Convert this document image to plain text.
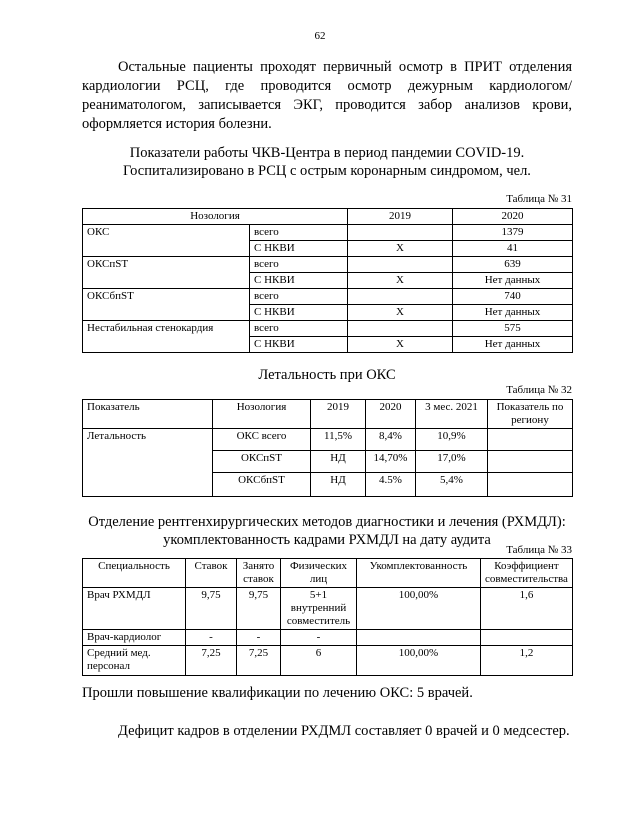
62
Остальные пациенты проходят первичный осмотр в ПРИТ отделения кардиологии РСЦ, где проводится осмотр дежурным кардиологом/реаниматологом, записывается ЭКГ, проводится забор анализов крови, оформляется история болезни.
Показатели работы ЧКВ-Центра в период пандемии COVID-19.
Госпитализировано в РСЦ с острым коронарным синдромом, чел.
Таблица № 31
Нозология		2019	2020
ОКС	всего		1379
	С НКВИ	Х	41
ОКСпST	всего		639
	С НКВИ	Х	Нет данных
ОКСбпST	всего		740
	С НКВИ	Х	Нет данных
Нестабильная стенокардия	всего		575
	С НКВИ	Х	Нет данных
Летальность при ОКС
Таблица № 32
Показатель	Нозология	2019	2020	3 мес. 2021	Показатель по региону
Летальность	ОКС всего	11,5%	8,4%	10,9%	
	ОКСпST	НД	14,70%	17,0%	
	ОКСбпST	НД	4.5%	5,4%	
Отделение рентгенхирургических методов диагностики и лечения (РХМДЛ):
укомплектованность кадрами РХМДЛ на дату аудита
Таблица № 33
Специальность	Ставок	Занято ставок	Физических лиц	Укомплектованность	Коэффициент совместительства
Врач РХМДЛ	9,75	9,75	5+1 внутренний совместитель	100,00%	1,6
Врач-кардиолог	-	-	-		
Средний мед. персонал	7,25	7,25	6	100,00%	1,2
Прошли повышение квалификации по лечению ОКС: 5 врачей.
Дефицит кадров в отделении РХДМЛ составляет 0 врачей и 0 медсестер.
